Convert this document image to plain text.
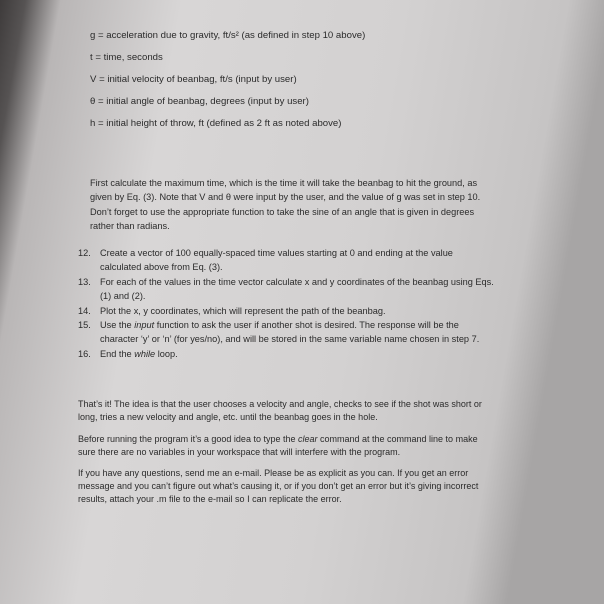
g = acceleration due to gravity, ft/s² (as defined in step 10 above)
t = time, seconds
V = initial velocity of beanbag, ft/s (input by user)
θ = initial angle of beanbag, degrees (input by user)
h = initial height of throw, ft (defined as 2 ft as noted above)
First calculate the maximum time, which is the time it will take the beanbag to hit the ground, as
given by Eq. (3). Note that V and θ were input by the user, and the value of g was set in step 10.
Don’t forget to use the appropriate function to take the sine of an angle that is given in degrees
rather than radians.
12.	Create a vector of 100 equally-spaced time values starting at 0 and ending at the value
calculated above from Eq. (3).
13.	For each of the values in the time vector calculate x and y coordinates of the beanbag using Eqs.
(1) and (2).
14.	Plot the x, y coordinates, which will represent the path of the beanbag.
15.	Use the input function to ask the user if another shot is desired. The response will be the
character ‘y’ or ‘n’ (for yes/no), and will be stored in the same variable name chosen in step 7.
16.	End the while loop.
That’s it! The idea is that the user chooses a velocity and angle, checks to see if the shot was short or
long, tries a new velocity and angle, etc. until the beanbag goes in the hole.
Before running the program it’s a good idea to type the clear command at the command line to make
sure there are no variables in your workspace that will interfere with the program.
If you have any questions, send me an e-mail. Please be as explicit as you can. If you get an error
message and you can’t figure out what’s causing it, or if you don’t get an error but it’s giving incorrect
results, attach your .m file to the e-mail so I can replicate the error.
